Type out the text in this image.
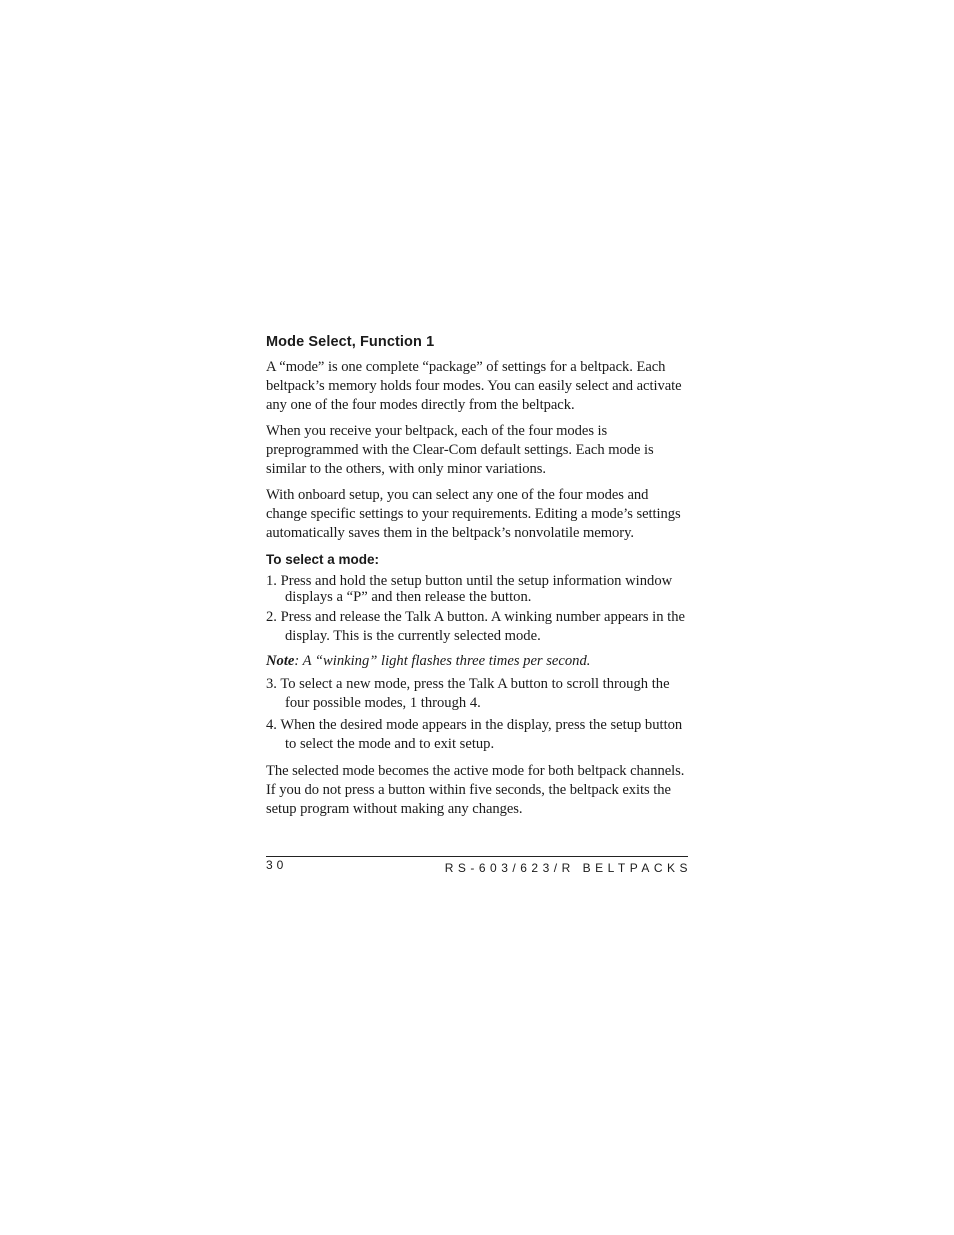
Mode Select, Function 1

A “mode” is one complete “package” of settings for a beltpack. Each beltpack’s memory holds four modes. You can easily select and activate any one of the four modes directly from the beltpack.

When you receive your beltpack, each of the four modes is preprogrammed with the Clear-Com default settings. Each mode is similar to the others, with only minor variations.

With onboard setup, you can select any one of the four modes and change specific settings to your requirements. Editing a mode’s settings automatically saves them in the beltpack’s nonvolatile memory.

To select a mode:

1. Press and hold the setup button until the setup information window displays a “P” and then release the button.

2. Press and release the Talk A button. A winking number appears in the display. This is the currently selected mode.

Note: A “winking” light flashes three times per second.

3. To select a new mode, press the Talk A button to scroll through the four possible modes, 1 through 4.

4. When the desired mode appears in the display, press the setup button to select the mode and to exit setup.

The selected mode becomes the active mode for both beltpack channels. If you do not press a button within five seconds, the beltpack exits the setup program without making any changes.

30	RS-603/623/R BELTPACKS
